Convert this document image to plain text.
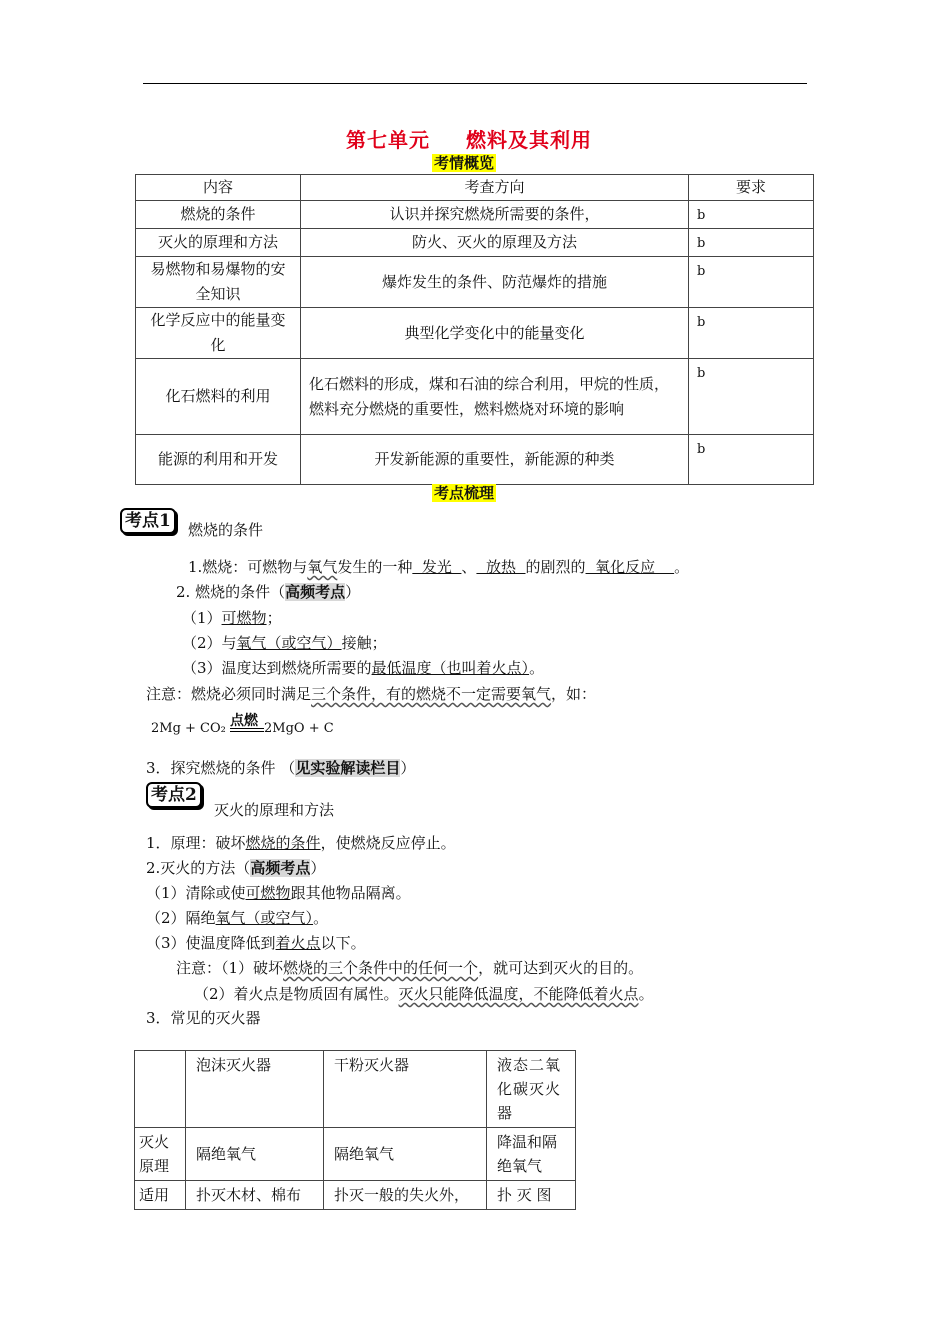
第七单元 燃料及其利用
考情概览
内容	考查方向	要求
燃烧的条件	认识并探究燃烧所需要的条件，	b
灭火的原理和方法	防火、灭火的原理及方法	b
易燃物和易爆物的安全知识	爆炸发生的条件、防范爆炸的措施	b
化学反应中的能量变化	典型化学变化中的能量变化	b
化石燃料的利用	化石燃料的形成，煤和石油的综合利用，甲烷的性质，燃料充分燃烧的重要性，燃料燃烧对环境的影响	b
能源的利用和开发	开发新能源的重要性，新能源的种类	b
考点梳理
考点1	燃烧的条件
1.燃烧：可燃物与氧气发生的一种  发光  、  放热  的剧烈的  氧化反应    。
2. 燃烧的条件（高频考点）
（1）可燃物；
（2）与氧气（或空气）接触；
（3）温度达到燃烧所需要的最低温度（也叫着火点）。
注意：燃烧必须同时满足三个条件，有的燃烧不一定需要氧气，如：
2Mg + CO₂ 点燃 2MgO + C
3．探究燃烧的条件 （见实验解读栏目）
考点2
灭火的原理和方法
1．原理：破坏燃烧的条件，使燃烧反应停止。
2.灭火的方法（高频考点）
（1）清除或使可燃物跟其他物品隔离。
（2）隔绝氧气（或空气）。
（3）使温度降低到着火点以下。
注意：（1）破坏燃烧的三个条件中的任何一个，就可达到灭火的目的。
（2）着火点是物质固有属性。灭火只能降低温度，不能降低着火点。
3．常见的灭火器
	泡沫灭火器	干粉灭火器	液态二氧化碳灭火器
灭火原理	隔绝氧气	隔绝氧气	降温和隔绝氧气
适用	扑灭木材、棉布	扑灭一般的失火外，	扑 灭 图
